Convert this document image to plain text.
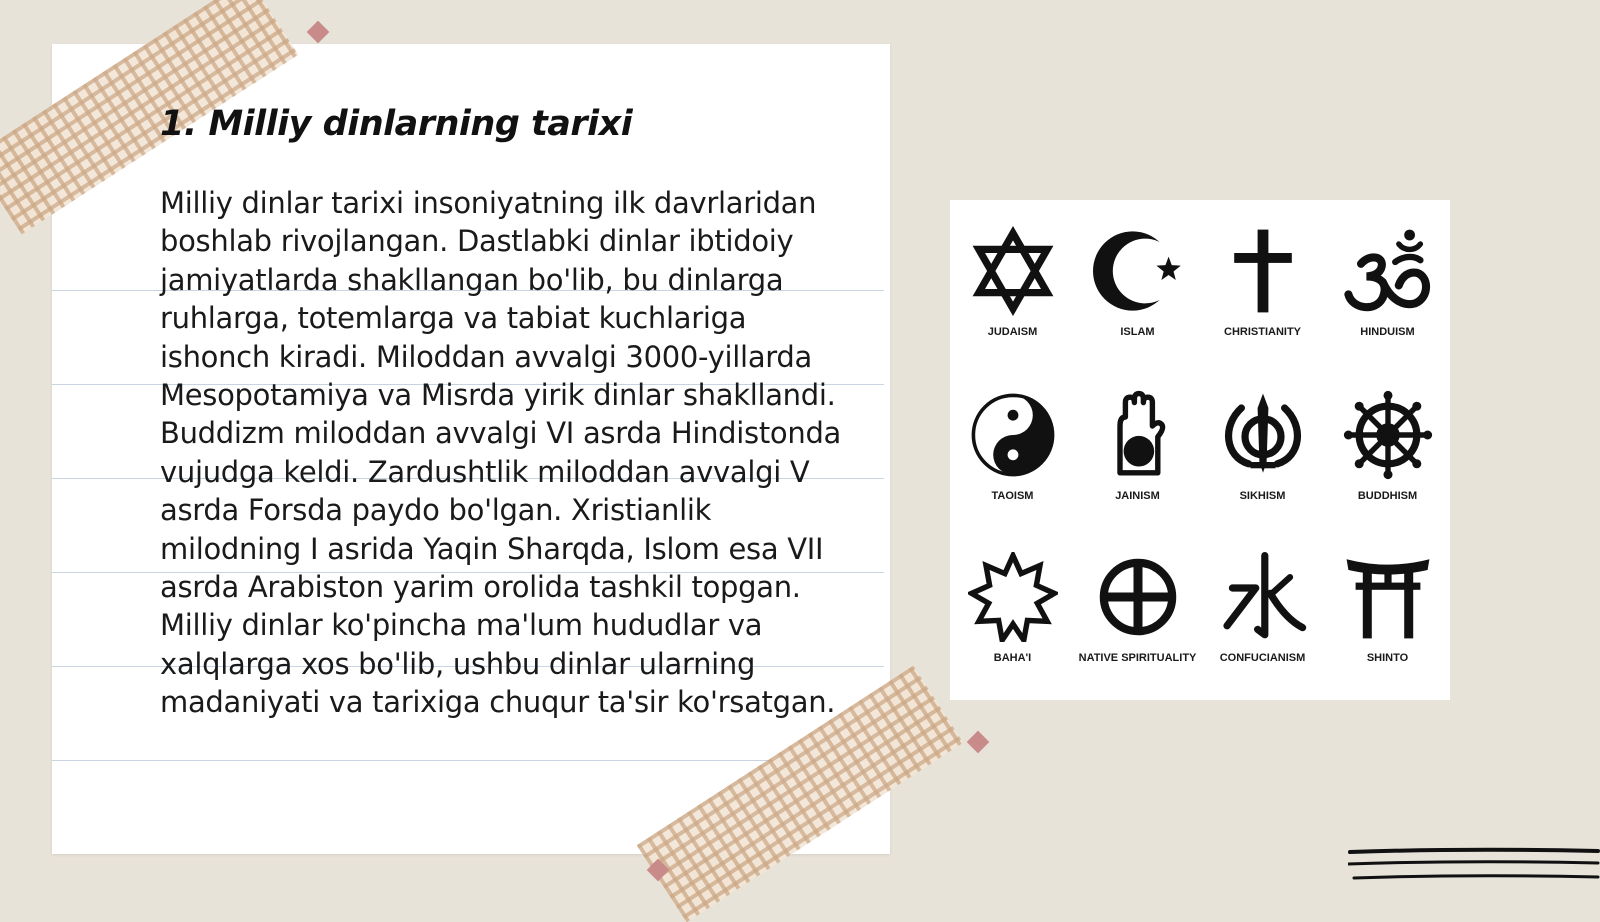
1. Milliy dinlarning tarixi

Milliy dinlar tarixi insoniyatning ilk davrlaridan boshlab rivojlangan. Dastlabki dinlar ibtidoiy jamiyatlarda shakllangan bo'lib, bu dinlarga ruhlarga, totemlarga va tabiat kuchlariga ishonch kiradi. Miloddan avvalgi 3000-yillarda Mesopotamiya va Misrda yirik dinlar shakllandi. Buddizm miloddan avvalgi VI asrda Hindistonda vujudga keldi. Zardushtlik miloddan avvalgi V asrda Forsda paydo bo'lgan. Xristianlik milodning I asrida Yaqin Sharqda, Islom esa VII asrda Arabiston yarim orolida tashkil topgan. Milliy dinlar ko'pincha ma'lum hududlar va xalqlarga xos bo'lib, ushbu dinlar ularning madaniyati va tarixiga chuqur ta'sir ko'rsatgan.

JUDAISM	ISLAM	CHRISTIANITY	HINDUISM
TAOISM	JAINISM	SIKHISM	BUDDHISM
BAHA'I	NATIVE SPIRITUALITY	CONFUCIANISM	SHINTO
